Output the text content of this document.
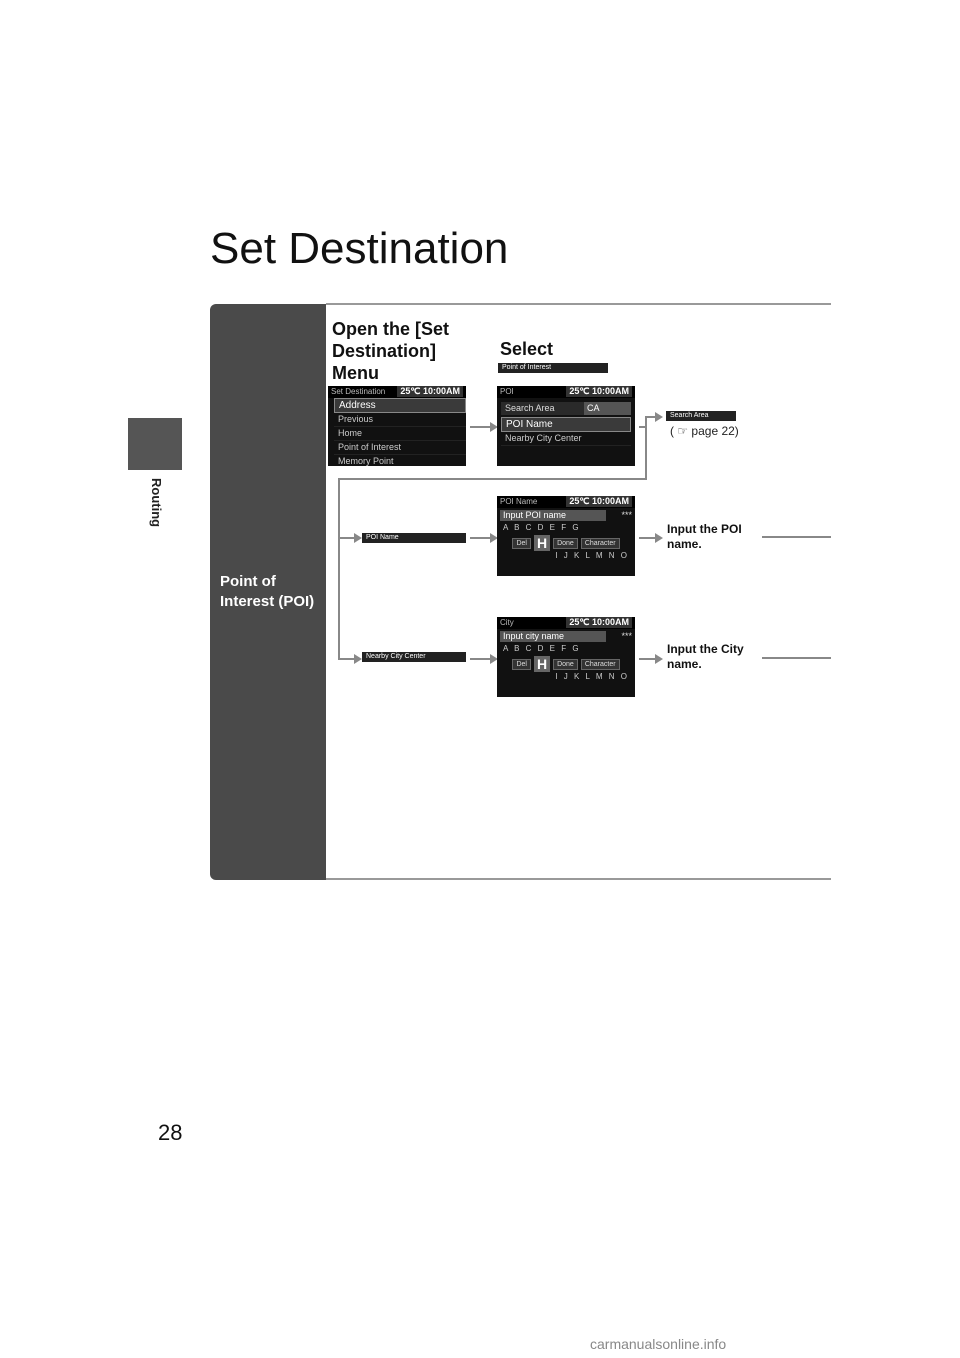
Routing
Set Destination
Point of
Interest (POI)
Open the [Set
Destination]
Menu
Select
Point of Interest
Set Destination	25℃ 10:00AM
Address
Previous
Home
Point of Interest
Memory Point
POI	25℃ 10:00AM
Search Area	CA
POI Name
Nearby City Center
Search Area
( ☞ page 22)
POI Name
POI Name	25℃ 10:00AM
Input POI name	***
A B C D E F G
Del H	Done	Character
I J K L M N O
Input the POI
name.
Nearby City Center
City	25℃ 10:00AM
Input city name	***
A B C D E F G
Del H	Done	Character
I J K L M N O
Input the City
name.
28
carmanualsonline.info
